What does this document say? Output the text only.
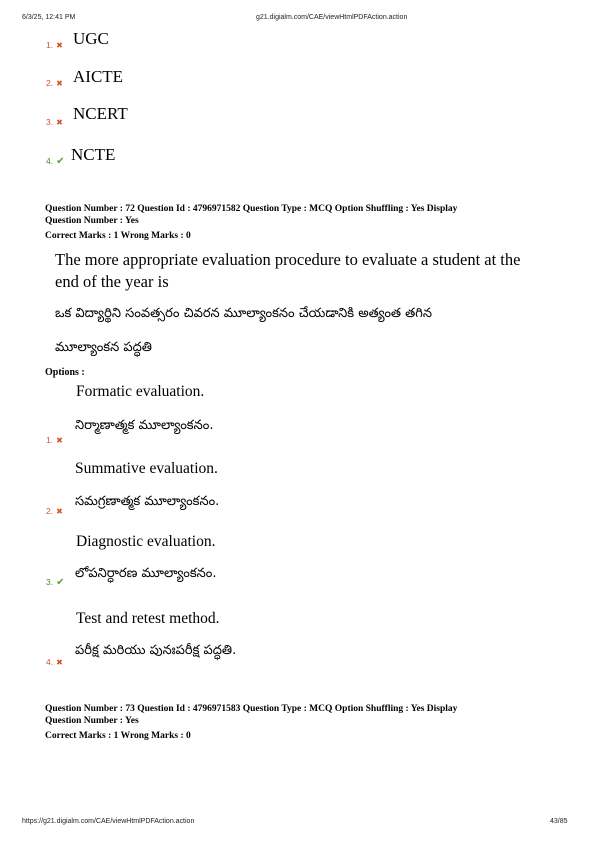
6/3/25, 12:41 PM	g21.digialm.com/CAE/viewHtmlPDFAction.action
1. ✖ UGC
2. ✖ AICTE
3. ✖ NCERT
4. ✔ NCTE
Question Number : 72 Question Id : 4796971582 Question Type : MCQ Option Shuffling : Yes Display
Question Number : Yes
Correct Marks : 1 Wrong Marks : 0
The more appropriate evaluation procedure to evaluate a student at the
end of the year is
ఒక విద్యార్థిని సంవత్సరం చివరన మూల్యాంకనం చేయడానికి అత్యంత తగిన
మూల్యాంకన పద్ధతి
Options :
Formatic evaluation.
నిర్మాణాత్మక మూల్యాంకనం.
1. ✖
Summative evaluation.
సమగ్రణాత్మక మూల్యాంకనం.
2. ✖
Diagnostic evaluation.
లోపనిర్ధారణ మూల్యాంకనం.
3. ✔
Test and retest method.
పరీక్ష మరియు పునఃపరీక్ష పద్ధతి.
4. ✖
Question Number : 73 Question Id : 4796971583 Question Type : MCQ Option Shuffling : Yes Display
Question Number : Yes
Correct Marks : 1 Wrong Marks : 0
https://g21.digialm.com/CAE/viewHtmlPDFAction.action	43/85
